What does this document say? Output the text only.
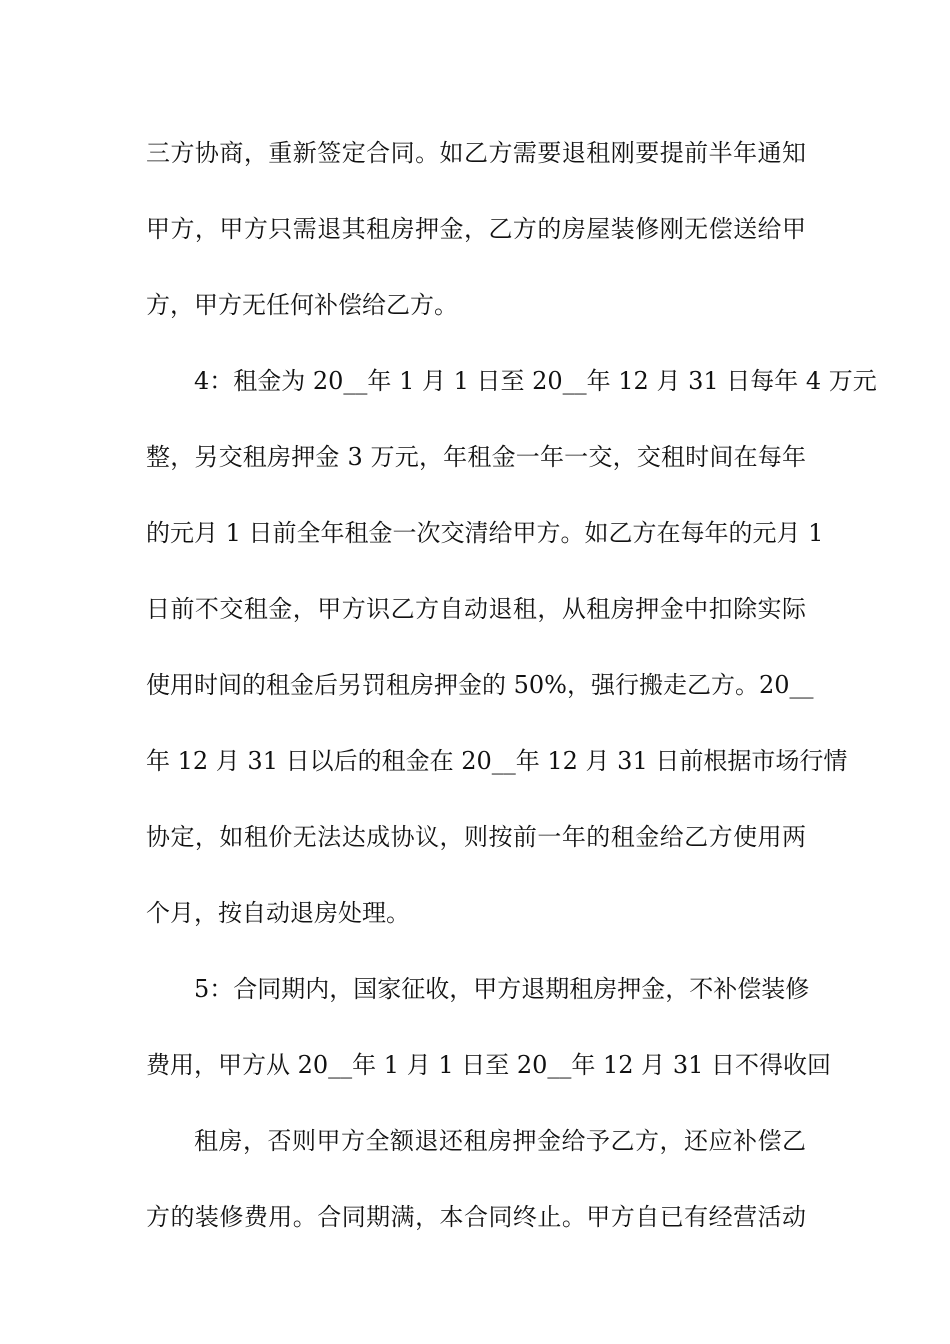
三方协商，重新签定合同。如乙方需要退租刚要提前半年通知
甲方，甲方只需退其租房押金，乙方的房屋装修刚无偿送给甲
方，甲方无任何补偿给乙方。
4：租金为 20__年 1 月 1 日至 20__年 12 月 31 日每年 4 万元
整，另交租房押金 3 万元，年租金一年一交，交租时间在每年
的元月 1 日前全年租金一次交清给甲方。如乙方在每年的元月 1
日前不交租金，甲方识乙方自动退租，从租房押金中扣除实际
使用时间的租金后另罚租房押金的 50%，强行搬走乙方。20__
年 12 月 31 日以后的租金在 20__年 12 月 31 日前根据市场行情
协定，如租价无法达成协议，则按前一年的租金给乙方使用两
个月，按自动退房处理。
5：合同期内，国家征收，甲方退期租房押金，不补偿装修
费用，甲方从 20__年 1 月 1 日至 20__年 12 月 31 日不得收回
租房，否则甲方全额退还租房押金给予乙方，还应补偿乙
方的装修费用。合同期满，本合同终止。甲方自已有经营活动
